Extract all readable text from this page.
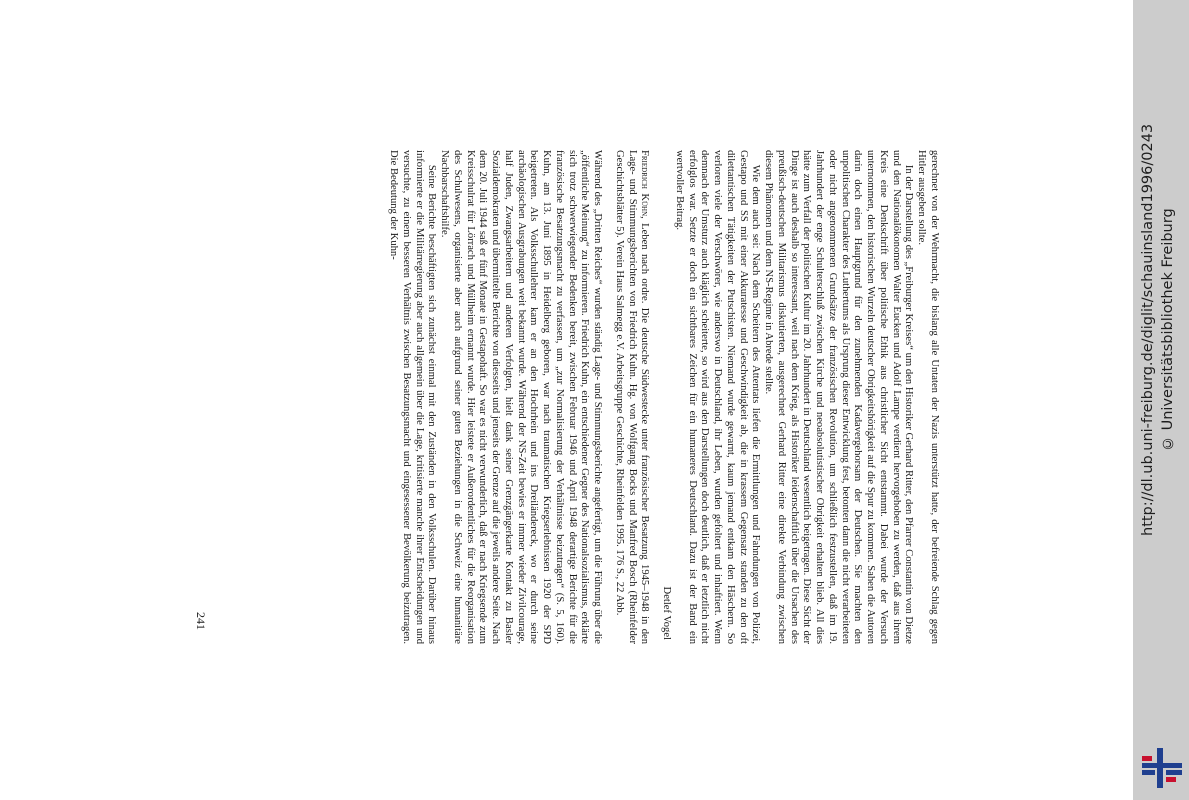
gerechnet von der Wehrmacht, die bislang alle Untaten der Nazis unterstützt hatte, der befreiende Schlag gegen Hitler ausgeben sollte.

In der Darstellung des „Freiburger Kreises“ um den Historiker Gerhard Ritter, den Pfarrer Constantin von Dietze und den Nationalökonomen Walter Eucken und Adolf Lampe verdient hervorgehoben zu werden, daß aus ihrem Kreis eine Denkschrift über politische Ethik aus christlicher Sicht entstammt. Dabei wurde der Versuch unternommen, den historischen Wurzeln deutscher Obrigkeitshörigkeit auf die Spur zu kommen. Sahen die Autoren darin doch einen Hauptgrund für den zunehmenden Kadavergehorsam der Deutschen. Sie machten den unpolitischen Charakter des Luthertums als Ursprung dieser Entwicklung fest, betonten dann die nicht verarbeiteten oder nicht angenommenen Grundsätze der französischen Revolution, um schließlich festzustellen, daß im 19. Jahrhundert der enge Schulterschluß zwischen Kirche und neoabsolutistischer Obrigkeit erhalten blieb. All dies hätte zum Verfall der politischen Kultur im 20. Jahrhundert in Deutschland wesentlich beigetragen. Diese Sicht der Dinge ist auch deshalb so interessant, weil nach dem Krieg, als Historiker leidenschaftlich über die Ursachen des preußisch-deutschen Militarismus diskutierten, ausgerechnet Gerhard Ritter eine direkte Verbindung zwischen diesem Phänomen und dem NS-Regime in Abrede stellte.

Wie dem auch sei: Nach dem Scheitern des Attentats liefen die Ermittlungen und Fahndungen von Polizei, Gestapo und SS mit einer Akkuratesse und Geschwindigkeit ab, die in krassem Gegensatz standen zu den oft dilettantischen Tätigkeiten der Putschisten. Niemand wurde gewarnt, kaum jemand entkam den Häschern. So verloren viele der Verschwörer, wie anderswo in Deutschland, ihr Leben, wurden gefoltert und inhaftiert. Wenn demnach der Umsturz auch kläglich scheiterte, so wird aus den Darstellungen doch deutlich, daß er letztlich nicht erfolglos war. Setzte er doch ein sichtbares Zeichen für ein humaneres Deutschland. Dazu ist der Band ein wertvoller Beitrag.

Detlef Vogel

Friedrich Kühn, Leben nach ordre. Die deutsche Südwestecke unter französischer Besatzung 1945–1948 in den Lage- und Stimmungsberichten von Friedrich Kuhn. Hg. von Wolfgang Bocks und Manfred Bosch (Rheinfelder Geschichtsblätter 5). Verein Haus Salmegg e.V. Arbeitsgruppe Geschichte, Rheinfelden 1995. 176 S., 22 Abb.

Während des „Dritten Reiches“ wurden ständig Lage- und Stimmungsberichte angefertigt, um die Führung über die „öffentliche Meinung“ zu informieren. Friedrich Kuhn, ein entschiedener Gegner des Nationalsozialismus, erklärte sich trotz schwerwiegender Bedenken bereit, zwischen Februar 1946 und April 1948 derartige Berichte für die französische Besatzungsmacht zu verfassen, um „zur Normalisierung der Verhältnisse beizutragen“ (S. 5, 160). Kuhn, am 13. Juni 1895 in Heidelberg geboren, war nach traumatischen Kriegserlebnissen 1920 der SPD beigetreten. Als Volksschullehrer kam er an den Hochrhein und ins Dreiländereck, wo er durch seine archäologischen Ausgrabungen weit bekannt wurde. Während der NS-Zeit bewies er immer wieder Zivilcourage, half Juden, Zwangsarbeitern und anderen Verfolgten, hielt dank seiner Grenzgängerkarte Kontakt zu Basler Sozialdemokraten und übermittelte Berichte von diesseits und jenseits der Grenze auf die jeweils andere Seite. Nach dem 20. Juli 1944 saß er fünf Monate in Gestapohaft. So war es nicht verwunderlich, daß er nach Kriegsende zum Kreisschulrat für Lörrach und Müllheim ernannt wurde. Hier leistete er Außerordentliches für die Reorganisation des Schulwesens, organisierte aber auch aufgrund seiner guten Beziehungen in die Schweiz eine humanitäre Nachbarschaftshilfe.

Seine Berichte beschäftigten sich zunächst einmal mit den Zuständen in den Volksschulen. Darüber hinaus informierte er die Militärregierung aber auch allgemein über die Lage, kritisierte manche ihrer Entscheidungen und versuchte, zu einem besseren Verhältnis zwischen Besatzungsmacht und eingesessener Bevölkerung beizutragen. Die Bedeutung der Kuhn-

241
http://dl.ub.uni-freiburg.de/diglit/schauinsland1996/0243 © Universitätsbibliothek Freiburg
